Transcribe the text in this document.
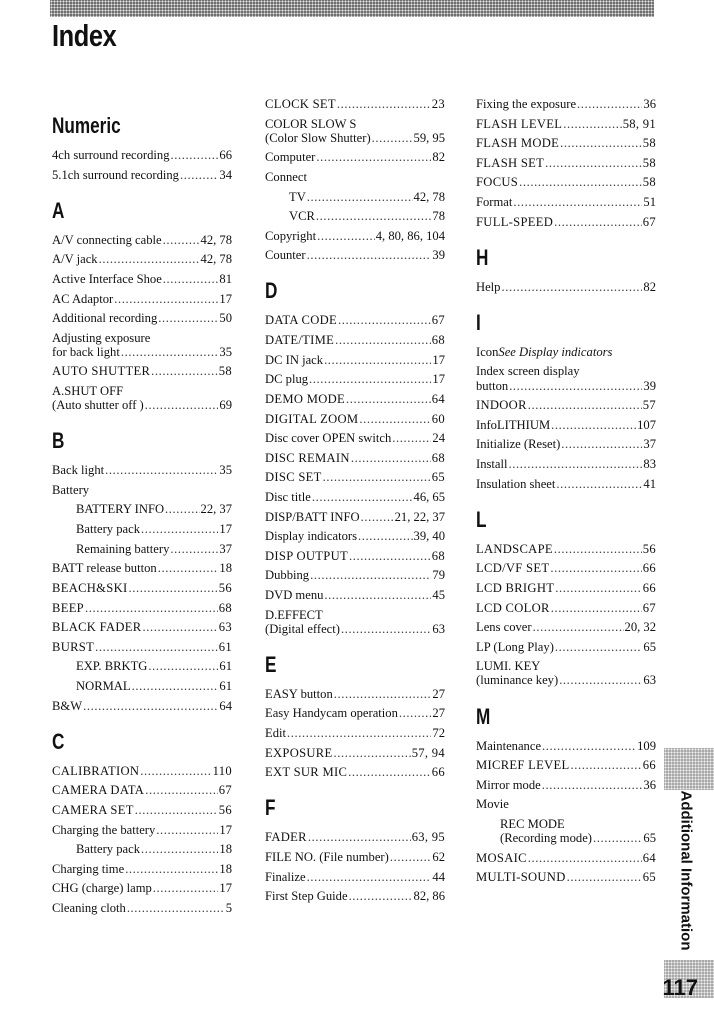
Index
Numeric
4ch surround recording .....	66
5.1ch surround recording .....	34
A
A/V connecting cable .....	42, 78
A/V jack .....	42, 78
Active Interface Shoe .....	81
AC Adaptor .....	17
Additional recording .....	50
Adjusting exposure
for back light .....	35
AUTO SHUTTER .....	58
A.SHUT OFF
(Auto shutter off ) .....	69
B
Back light .....	35
Battery
BATTERY INFO .....	22, 37
Battery pack .....	17
Remaining battery .....	37
BATT release button .....	18
BEACH&SKI .....	56
BEEP .....	68
BLACK FADER .....	63
BURST .....	61
EXP. BRKTG .....	61
NORMAL .....	61
B&W .....	64
C
CALIBRATION .....	110
CAMERA DATA .....	67
CAMERA SET .....	56
Charging the battery .....	17
Battery pack .....	18
Charging time .....	18
CHG (charge) lamp .....	17
Cleaning cloth .....	5
CLOCK SET .....	23
COLOR SLOW S
(Color Slow Shutter) .....	59, 95
Computer .....	82
Connect
TV .....	42, 78
VCR .....	78
Copyright .....	4, 80, 86, 104
Counter .....	39
D
DATA CODE .....	67
DATE/TIME .....	68
DC IN jack .....	17
DC plug .....	17
DEMO MODE .....	64
DIGITAL ZOOM .....	60
Disc cover OPEN switch .....	24
DISC REMAIN .....	68
DISC SET .....	65
Disc title .....	46, 65
DISP/BATT INFO .....	21, 22, 37
Display indicators .....	39, 40
DISP OUTPUT .....	68
Dubbing .....	79
DVD menu .....	45
D.EFFECT
(Digital effect) .....	63
E
EASY button .....	27
Easy Handycam operation .....	27
Edit .....	72
EXPOSURE .....	57, 94
EXT SUR MIC .....	66
F
FADER .....	63, 95
FILE NO. (File number) .....	62
Finalize .....	44
First Step Guide .....	82, 86
Fixing the exposure .....	36
FLASH LEVEL .....	58, 91
FLASH MODE .....	58
FLASH SET .....	58
FOCUS .....	58
Format .....	51
FULL-SPEED .....	67
H
Help .....	82
I
Icon See Display indicators
Index screen display
button .....	39
INDOOR .....	57
InfoLITHIUM .....	107
Initialize (Reset) .....	37
Install .....	83
Insulation sheet .....	41
L
LANDSCAPE .....	56
LCD/VF SET .....	66
LCD BRIGHT .....	66
LCD COLOR .....	67
Lens cover .....	20, 32
LP (Long Play) .....	65
LUMI. KEY
(luminance key) .....	63
M
Maintenance .....	109
MICREF LEVEL .....	66
Mirror mode .....	36
Movie
REC MODE
(Recording mode) .....	65
MOSAIC .....	64
MULTI-SOUND .....	65 Additional Information
117
